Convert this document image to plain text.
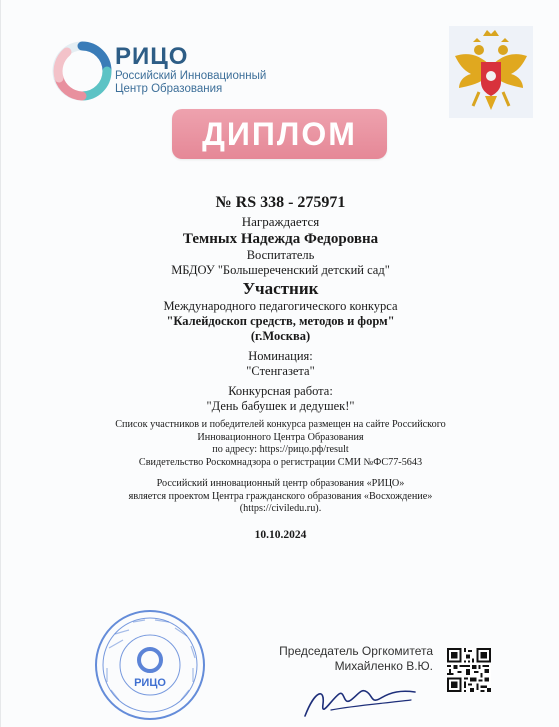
РИЦО
Российский Инновационный
Центр Образования
ДИПЛОМ
№ RS 338 - 275971
Награждается
Темных Надежда Федоровна
Воспитатель
МБДОУ "Большереченский детский сад"
Участник
Международного педагогического конкурса
"Калейдоскоп средств, методов и форм"
(г.Москва)
Номинация:
"Стенгазета"
Конкурсная работа:
"День бабушек и дедушек!"
Список участников и победителей конкурса размещен на сайте Российского
Инновационного Центра Образования
по адресу: https://рицо.рф/result
Свидетельство Роскомнадзора о регистрации СМИ №ФС77-5643
Российский инновационный центр образования «РИЦО»
является проектом Центра гражданского образования «Восхождение»
(https://civiledu.ru).
10.10.2024
РИЦО
Председатель Оргкомитета
Михайленко В.Ю.
